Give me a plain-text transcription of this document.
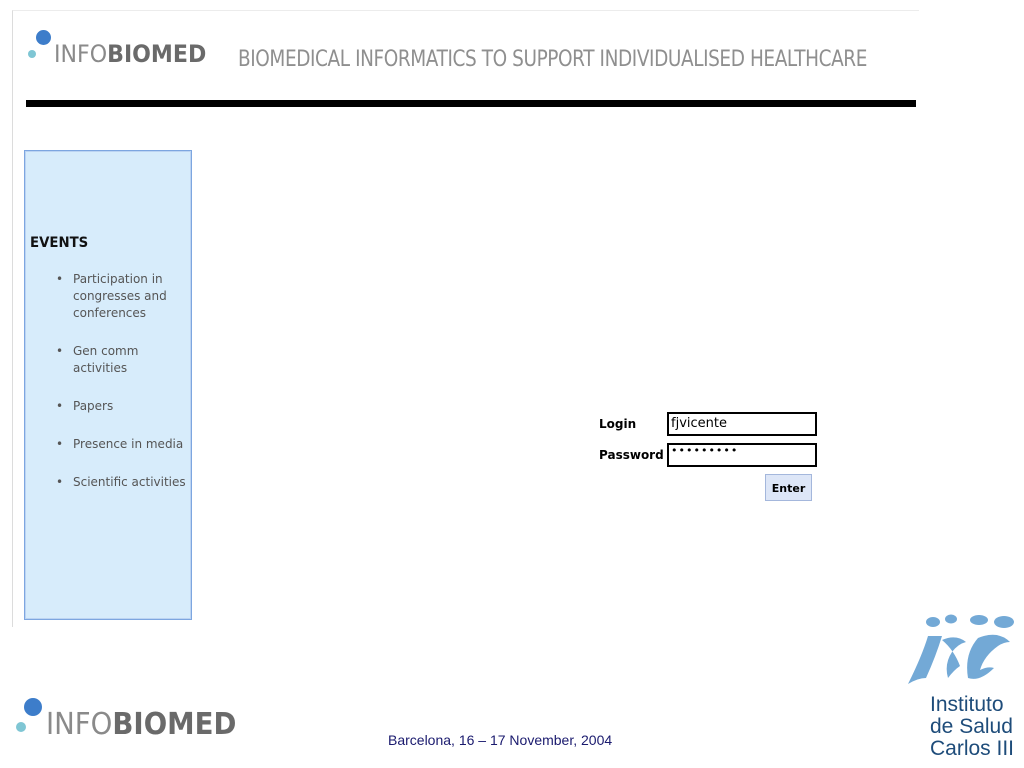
INFOBIOMED BIOMEDICAL INFORMATICS TO SUPPORT INDIVIDUALISED HEALTHCARE
EVENTS
• Participation in congresses and conferences
• Gen comm activities
• Papers
• Presence in media
• Scientific activities
Login	fjvicente
Password •••••••••
Enter
INFOBIOMED	Barcelona, 16 – 17 November, 2004
Instituto
de Salud
Carlos III
